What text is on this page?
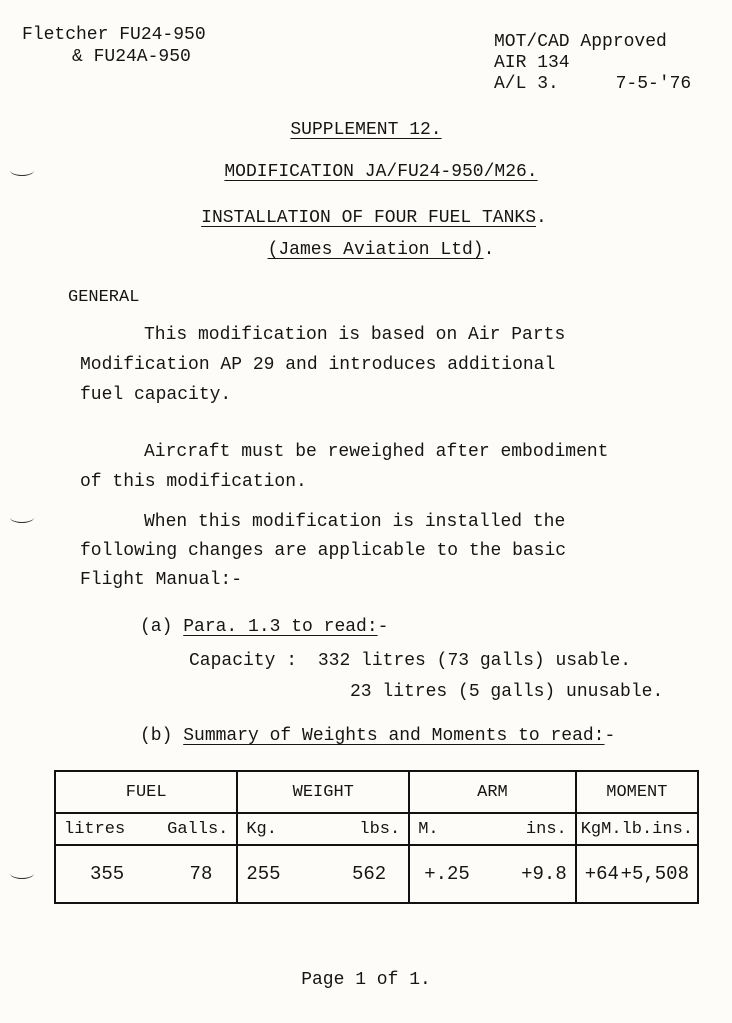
Fletcher FU24-950
& FU24A-950
MOT/CAD Approved
AIR 134
A/L 3.	7-5-'76
SUPPLEMENT 12.
MODIFICATION JA/FU24-950/M26.
INSTALLATION OF FOUR FUEL TANKS.
(James Aviation Ltd).
GENERAL
This modification is based on Air Parts
Modification AP 29 and introduces additional
fuel capacity.
Aircraft must be reweighed after embodiment
of this modification.
When this modification is installed the
following changes are applicable to the basic
Flight Manual:-
(a) Para. 1.3 to read:-
Capacity : 332 litres (73 galls) usable.
23 litres (5 galls) unusable.
(b) Summary of Weights and Moments to read:-
FUEL	WEIGHT	ARM	MOMENT

litres Galls.	Kg. lbs.	M. ins.	KgM. lb.ins.

355 78	255 562	+.25 +9.8	+64 +5,508
Page 1 of 1.
